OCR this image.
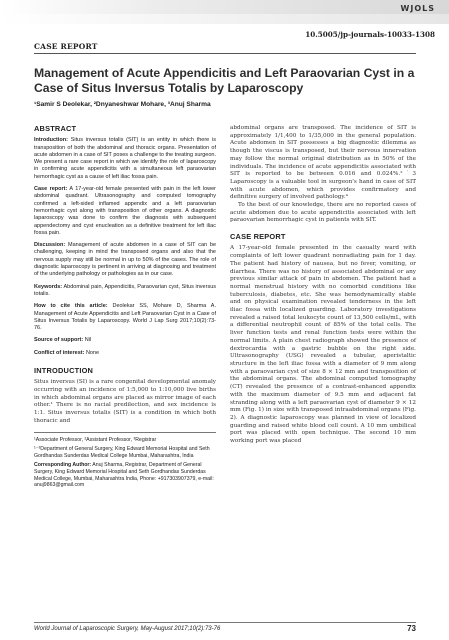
WJOLS
10.5005/jp-journals-10033-1308
CASE REPORT
Management of Acute Appendicitis and Left Paraovarian Cyst in a Case of Situs Inversus Totalis by Laparoscopy
¹Samir S Deolekar, ²Dnyaneshwar Mohare, ³Anuj Sharma
ABSTRACT

Introduction: Situs inversus totalis (SIT) is an entity in which there is transposition of both the abdominal and thoracic organs. Presentation of acute abdomen in a case of SIT poses a challenge to the treating surgeon. We present a rare case report in which we identify the role of laparoscopy in confirming acute appendicitis with a simultaneous left paraovarian hemorrhagic cyst as a cause of left iliac fossa pain.

Case report: A 17-year-old female presented with pain in the left lower abdominal quadrant. Ultrasonography and computed tomography confirmed a left-sided inflamed appendix and a left paraovarian hemorrhagic cyst along with transposition of other organs. A diagnostic laparoscopy was done to confirm the diagnosis with subsequent appendectomy and cyst enucleation as a definitive treatment for left iliac fossa pain.

Discussion: Management of acute abdomen in a case of SIT can be challenging, keeping in mind the transposed organs and also that the nervous supply may still be normal in up to 50% of the cases. The role of diagnostic laparoscopy is pertinent in arriving at diagnosing and treatment of the underlying pathology or pathologies as in our case.

Keywords: Abdominal pain, Appendicitis, Paraovarian cyst, Situs inversus totalis.

How to cite this article: Deolekar SS, Mohare D, Sharma A. Management of Acute Appendicitis and Left Paraovarian Cyst in a Case of Situs Inversus Totalis by Laparoscopy. World J Lap Surg 2017;10(2):73-76.

Source of support: Nil

Conflict of interest: None

INTRODUCTION

Situs inversus (SI) is a rare congenital developmental anomaly occurring with an incidence of 1:5,000 to 1:10,000 live births in which abdominal organs are placed as mirror image of each other.¹ There is no racial predilection, and sex incidence is 1:1. Situs inversus totalis (SIT) is a condition in which both thoracic and

¹Associate Professor, ²Assistant Professor, ³Registrar

¹⁻³Department of General Surgery, King Edward Memorial Hospital and Seth Gordhandas Sunderdas Medical College Mumbai, Maharashtra, India

Corresponding Author: Anuj Sharma, Registrar, Department of General Surgery, King Edward Memorial Hospital and Seth Gordhandas Sunderdas Medical College, Mumbai, Maharashtra India, Phone: +917303907379, e-mail: anuj9863@gmail.com

abdominal organs are transposed. The incidence of SIT is approximately 1/1,400 to 1/35,000 in the general population. Acute abdomen in SIT possesses a big diagnostic dilemma as though the viscus is transposed, but their nervous innervation may follow the normal original distribution as in 50% of the individuals. The incidence of acute appendicitis associated with SIT is reported to be between 0.016 and 0.024%.²˙3 Laparoscopy is a valuable tool in surgeon's hand in case of SIT with acute abdomen, which provides confirmatory and definitive surgery of involved pathology.⁴

To the best of our knowledge, there are no reported cases of acute abdomen due to acute appendicitis associated with left paraovarian hemorrhagic cyst in patients with SIT.

CASE REPORT

A 17-year-old female presented in the casualty ward with complaints of left lower quadrant nonradiating pain for 1 day. The patient had history of nausea, but no fever, vomiting, or diarrhea. There was no history of associated abdominal or any previous similar attack of pain in abdomen. The patient had a normal menstrual history with no comorbid conditions like tuberculosis, diabetes, etc. She was hemodynamically stable and on physical examination revealed tenderness in the left iliac fossa with localized guarding. Laboratory investigations revealed a raised total leukocyte count of 13,500 cells/mL, with a differential neutrophil count of 85% of the total cells. The liver function tests and renal function tests were within the normal limits. A plain chest radiograph showed the presence of dextrocardia with a gastric bubble on the right side. Ultrasonography (USG) revealed a tubular, aperistaltic structure in the left iliac fossa with a diameter of 9 mm along with a paraovarian cyst of size 8 × 12 mm and transposition of the abdominal organs. The abdominal computed tomography (CT) revealed the presence of a contrast-enhanced appendix with the maximum diameter of 9.5 mm and adjacent fat stranding along with a left paraovarian cyst of diameter 9 × 12 mm (Fig. 1) in size with transposed intraabdominal organs (Fig. 2). A diagnostic laparoscopy was planned in view of localized guarding and raised white blood cell count. A 10 mm umbilical port was placed with open technique. The second 10 mm working port was placed

World Journal of Laparoscopic Surgery, May-August 2017;10(2):73-76	73
